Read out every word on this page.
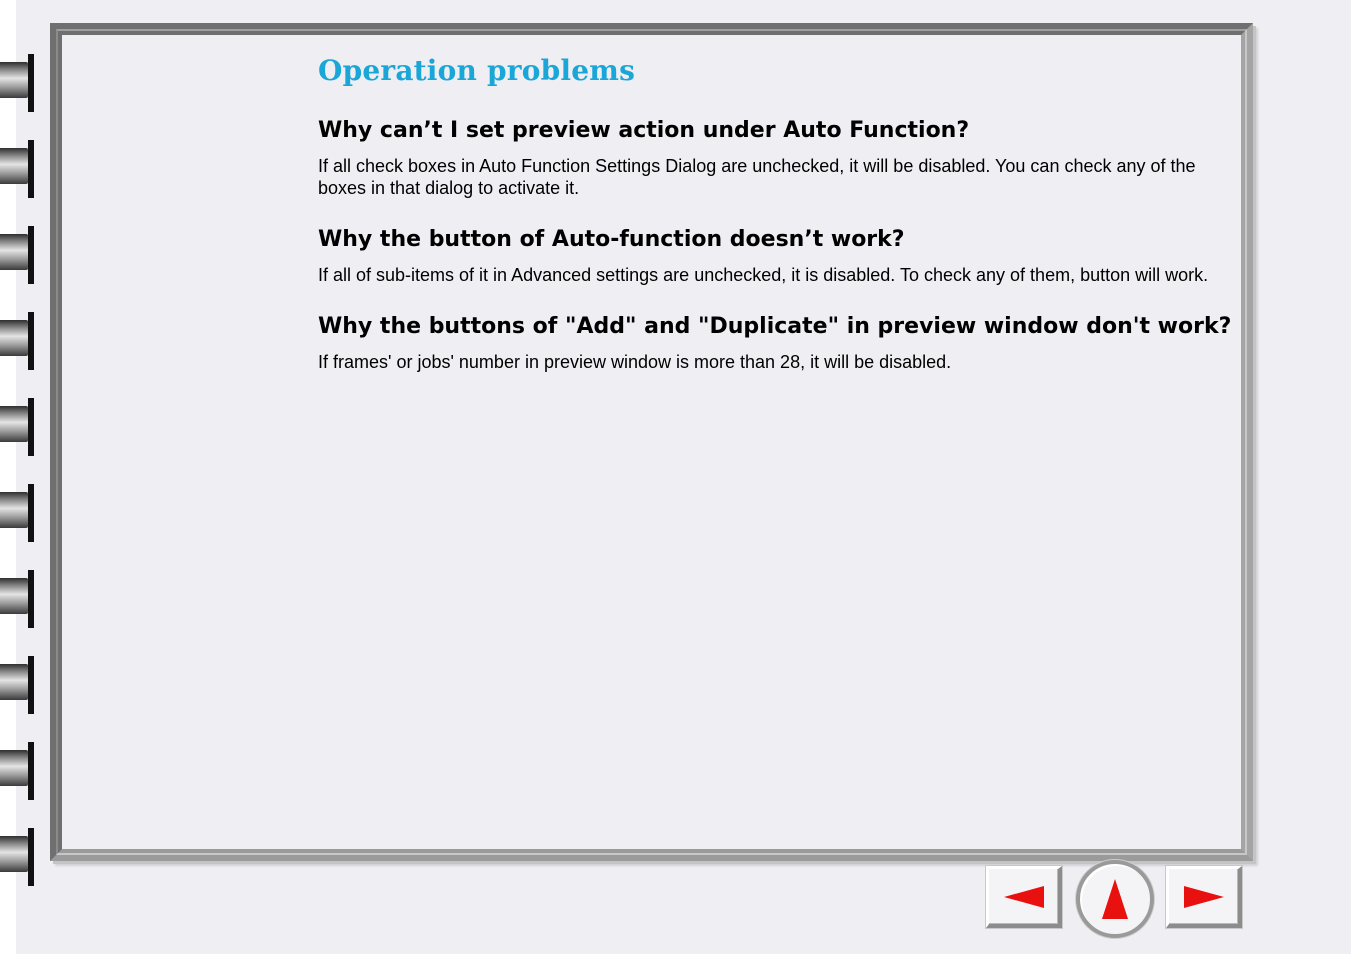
Operation problems
Why can’t I set preview action under Auto Function?

If all check boxes in Auto Function Settings Dialog are unchecked, it will be disabled. You can check any of the boxes in that dialog to activate it.

Why the button of Auto-function doesn’t work?

If all of sub-items of it in Advanced settings are unchecked, it is disabled. To check any of them, button will work.

Why the buttons of "Add" and "Duplicate" in preview window don't work?

If frames' or jobs' number in preview window is more than 28, it will be disabled.
